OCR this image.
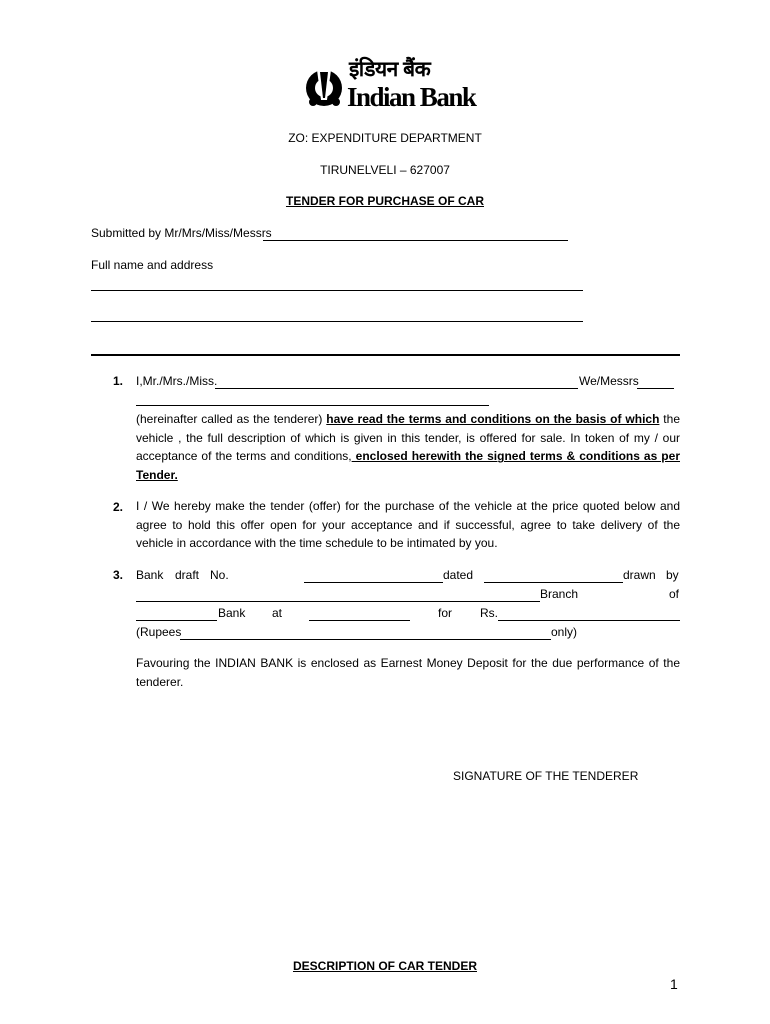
इंडियन बैंक
Indian Bank
ZO: EXPENDITURE DEPARTMENT
TIRUNELVELI – 627007
TENDER FOR PURCHASE OF CAR
Submitted by Mr/Mrs/Miss/Messrs
Full name and address
1. I,Mr./Mrs./Miss.	We/Messrs
(hereinafter called as the tenderer) have read the terms and conditions on the basis of which the vehicle , the full description of which is given in this tender, is offered for sale. In token of my / our acceptance of the terms and conditions, enclosed herewith the signed terms & conditions as per Tender.
2. I / We hereby make the tender (offer) for the purchase of the vehicle at the price quoted below and agree to hold this offer open for your acceptance and if successful, agree to take delivery of the vehicle in accordance with the time schedule to be intimated by you.
3. Bank draft No.	dated	drawn by
Branch	of
Bank at	for Rs.
(Rupees	only)
Favouring the INDIAN BANK is enclosed as Earnest Money Deposit for the due performance of the tenderer.
SIGNATURE OF THE TENDERER
DESCRIPTION OF CAR TENDER
1
